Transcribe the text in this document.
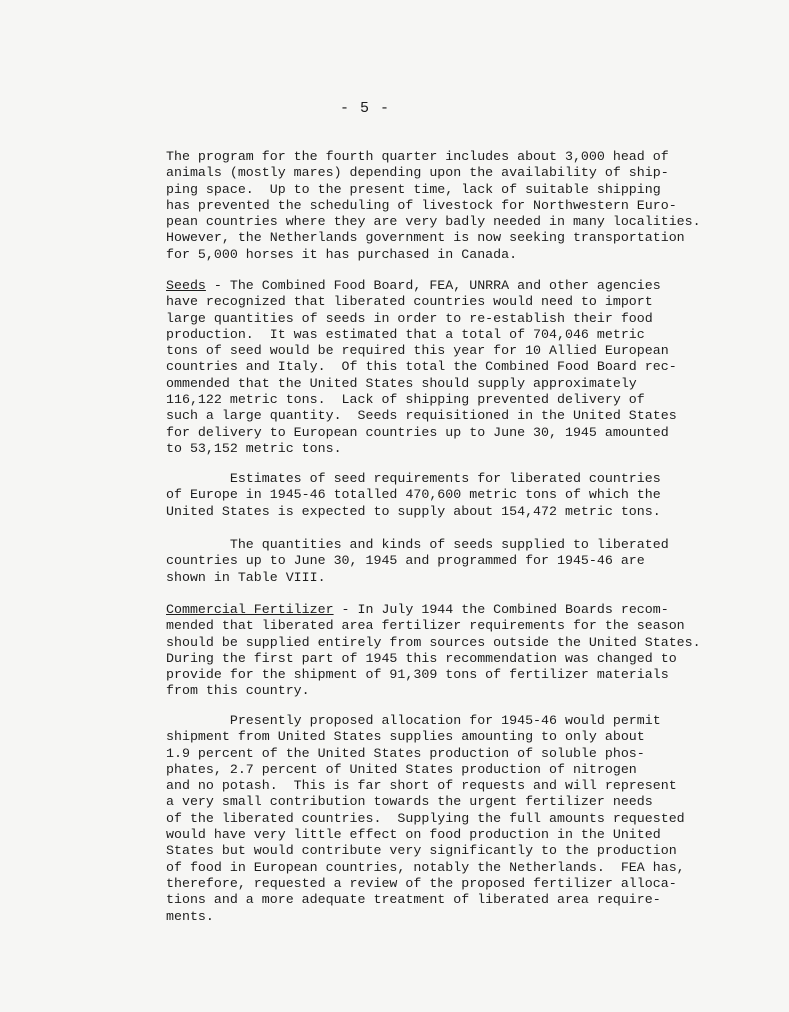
- 5 -

The program for the fourth quarter includes about 3,000 head of
animals (mostly mares) depending upon the availability of ship-
ping space.  Up to the present time, lack of suitable shipping
has prevented the scheduling of livestock for Northwestern Euro-
pean countries where they are very badly needed in many localities.
However, the Netherlands government is now seeking transportation
for 5,000 horses it has purchased in Canada.

Seeds - The Combined Food Board, FEA, UNRRA and other agencies
have recognized that liberated countries would need to import
large quantities of seeds in order to re-establish their food
production.  It was estimated that a total of 704,046 metric
tons of seed would be required this year for 10 Allied European
countries and Italy.  Of this total the Combined Food Board rec-
ommended that the United States should supply approximately
116,122 metric tons.  Lack of shipping prevented delivery of
such a large quantity.  Seeds requisitioned in the United States
for delivery to European countries up to June 30, 1945 amounted
to 53,152 metric tons.

Estimates of seed requirements for liberated countries
of Europe in 1945-46 totalled 470,600 metric tons of which the
United States is expected to supply about 154,472 metric tons.

The quantities and kinds of seeds supplied to liberated
countries up to June 30, 1945 and programmed for 1945-46 are
shown in Table VIII.

Commercial Fertilizer - In July 1944 the Combined Boards recom-
mended that liberated area fertilizer requirements for the season
should be supplied entirely from sources outside the United States.
During the first part of 1945 this recommendation was changed to
provide for the shipment of 91,309 tons of fertilizer materials
from this country.

Presently proposed allocation for 1945-46 would permit
shipment from United States supplies amounting to only about
1.9 percent of the United States production of soluble phos-
phates, 2.7 percent of United States production of nitrogen
and no potash.  This is far short of requests and will represent
a very small contribution towards the urgent fertilizer needs
of the liberated countries.  Supplying the full amounts requested
would have very little effect on food production in the United
States but would contribute very significantly to the production
of food in European countries, notably the Netherlands.  FEA has,
therefore, requested a review of the proposed fertilizer alloca-
tions and a more adequate treatment of liberated area require-
ments.
